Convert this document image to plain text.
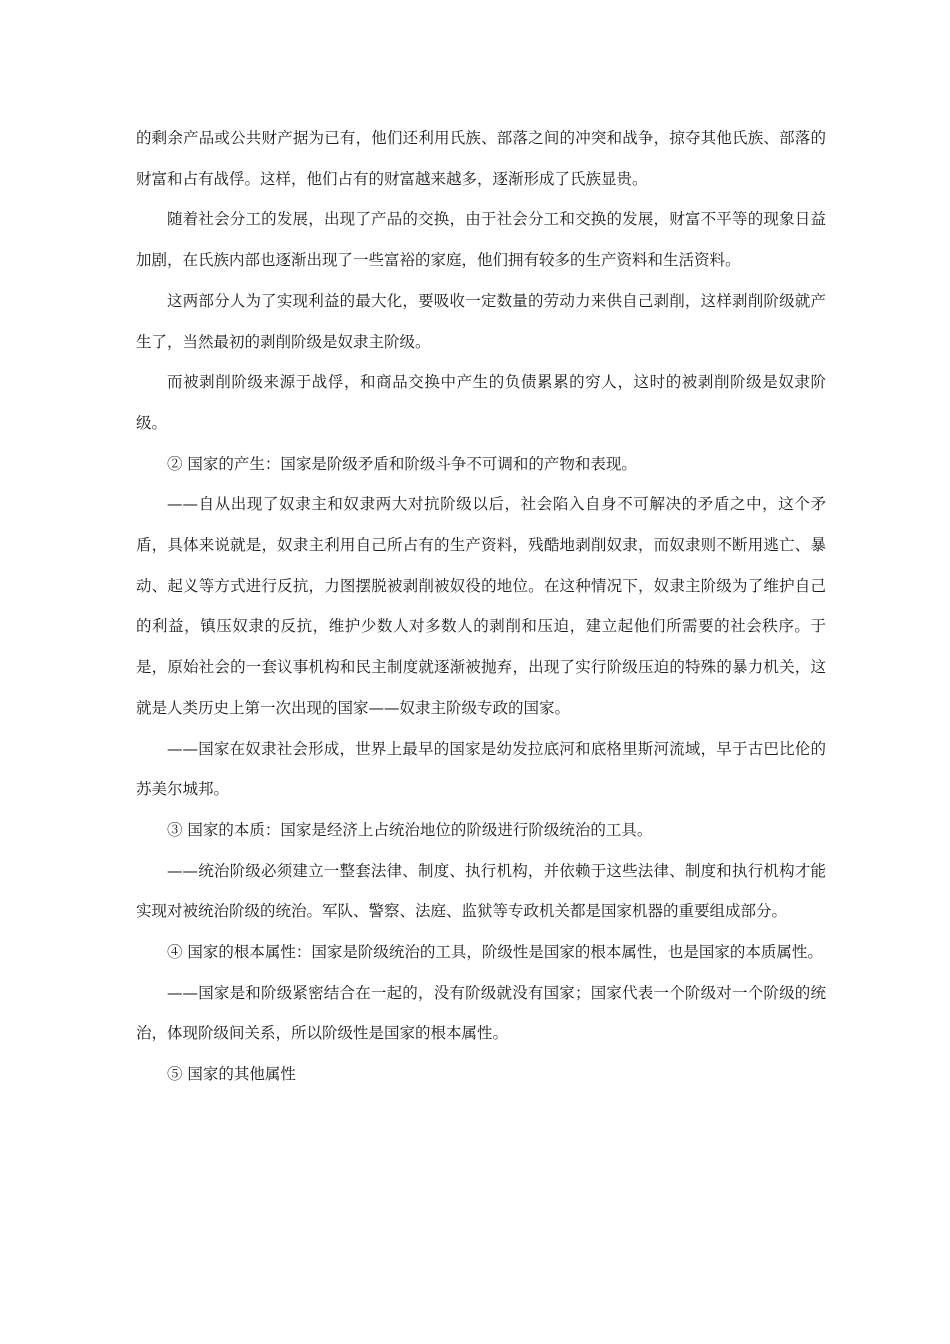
的剩余产品或公共财产据为已有，他们还利用氏族、部落之间的冲突和战争，掠夺其他氏族、部落的财富和占有战俘。这样，他们占有的财富越来越多，逐渐形成了氏族显贵。

随着社会分工的发展，出现了产品的交换，由于社会分工和交换的发展，财富不平等的现象日益加剧，在氏族内部也逐渐出现了一些富裕的家庭，他们拥有较多的生产资料和生活资料。

这两部分人为了实现利益的最大化，要吸收一定数量的劳动力来供自己剥削，这样剥削阶级就产生了，当然最初的剥削阶级是奴隶主阶级。

而被剥削阶级来源于战俘，和商品交换中产生的负债累累的穷人，这时的被剥削阶级是奴隶阶级。

② 国家的产生：国家是阶级矛盾和阶级斗争不可调和的产物和表现。

——自从出现了奴隶主和奴隶两大对抗阶级以后，社会陷入自身不可解决的矛盾之中，这个矛盾，具体来说就是，奴隶主利用自己所占有的生产资料，残酷地剥削奴隶，而奴隶则不断用逃亡、暴动、起义等方式进行反抗，力图摆脱被剥削被奴役的地位。在这种情况下，奴隶主阶级为了维护自己的利益，镇压奴隶的反抗，维护少数人对多数人的剥削和压迫，建立起他们所需要的社会秩序。于是，原始社会的一套议事机构和民主制度就逐渐被抛弃，出现了实行阶级压迫的特殊的暴力机关，这就是人类历史上第一次出现的国家——奴隶主阶级专政的国家。

——国家在奴隶社会形成，世界上最早的国家是幼发拉底河和底格里斯河流域，早于古巴比伦的苏美尔城邦。

③ 国家的本质：国家是经济上占统治地位的阶级进行阶级统治的工具。

——统治阶级必须建立一整套法律、制度、执行机构，并依赖于这些法律、制度和执行机构才能实现对被统治阶级的统治。军队、警察、法庭、监狱等专政机关都是国家机器的重要组成部分。

④ 国家的根本属性：国家是阶级统治的工具，阶级性是国家的根本属性，也是国家的本质属性。

——国家是和阶级紧密结合在一起的，没有阶级就没有国家；国家代表一个阶级对一个阶级的统治，体现阶级间关系，所以阶级性是国家的根本属性。

⑤ 国家的其他属性
